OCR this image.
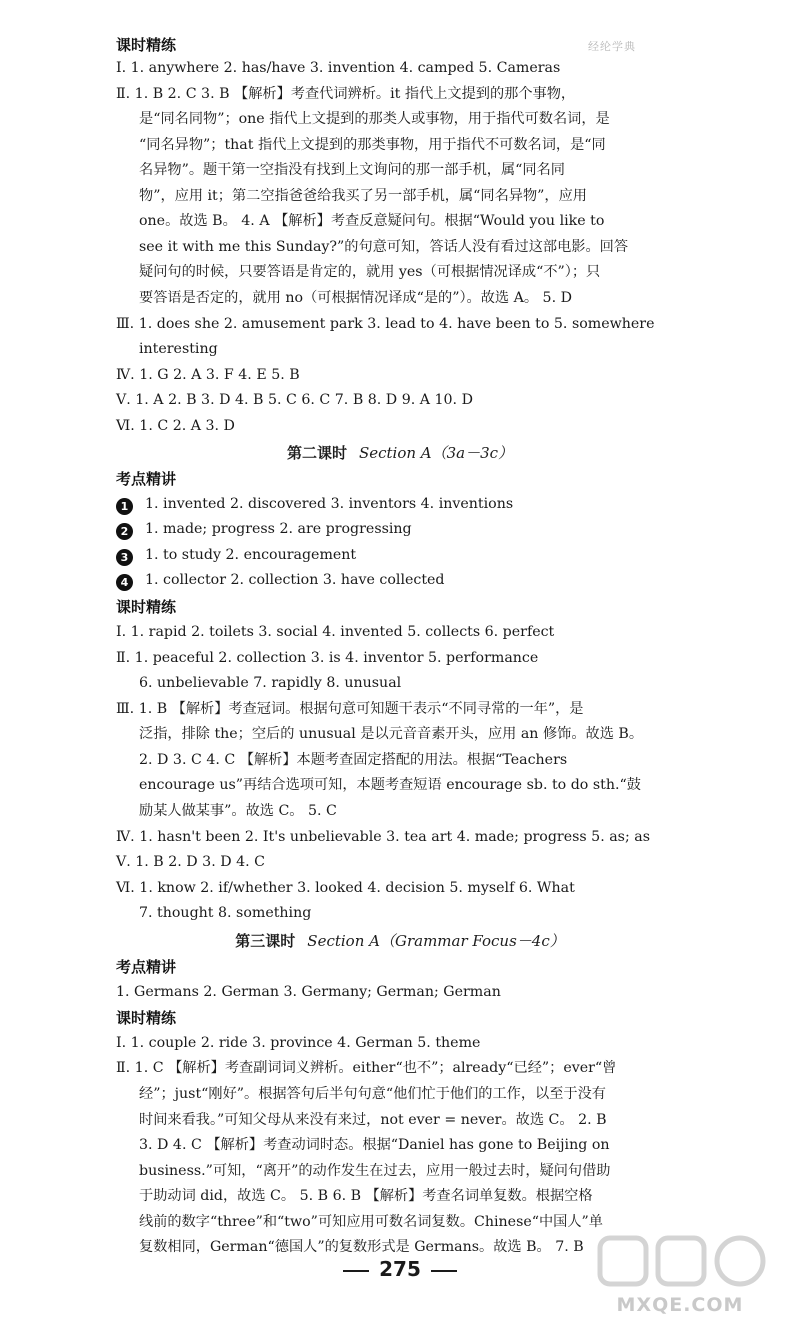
经纶学典
课时精练
Ⅰ. 1. anywhere 2. has/have 3. invention 4. camped 5. Cameras
Ⅱ. 1. B 2. C 3. B 【解析】考查代词辨析。it 指代上文提到的那个事物，
是“同名同物”；one 指代上文提到的那类人或事物，用于指代可数名词，是
“同名异物”；that 指代上文提到的那类事物，用于指代不可数名词，是“同
名异物”。题干第一空指没有找到上文询问的那一部手机，属“同名同
物”，应用 it；第二空指爸爸给我买了另一部手机，属“同名异物”，应用
one。故选 B。 4. A 【解析】考查反意疑问句。根据“Would you like to
see it with me this Sunday?”的句意可知，答话人没有看过这部电影。回答
疑问句的时候，只要答语是肯定的，就用 yes（可根据情况译成“不”）；只
要答语是否定的，就用 no（可根据情况译成“是的”）。故选 A。 5. D
Ⅲ. 1. does she 2. amusement park 3. lead to 4. have been to 5. somewhere
interesting
Ⅳ. 1. G 2. A 3. F 4. E 5. B
Ⅴ. 1. A 2. B 3. D 4. B 5. C 6. C 7. B 8. D 9. A 10. D
Ⅵ. 1. C 2. A 3. D
第二课时 Section A（3a－3c）
考点精讲
1 1. invented 2. discovered 3. inventors 4. inventions
2 1. made; progress 2. are progressing
3 1. to study 2. encouragement
4 1. collector 2. collection 3. have collected
课时精练
Ⅰ. 1. rapid 2. toilets 3. social 4. invented 5. collects 6. perfect
Ⅱ. 1. peaceful 2. collection 3. is 4. inventor 5. performance
6. unbelievable 7. rapidly 8. unusual
Ⅲ. 1. B 【解析】考查冠词。根据句意可知题干表示“不同寻常的一年”，是
泛指，排除 the；空后的 unusual 是以元音音素开头，应用 an 修饰。故选 B。
2. D 3. C 4. C 【解析】本题考查固定搭配的用法。根据“Teachers
encourage us”再结合选项可知，本题考查短语 encourage sb. to do sth.“鼓
励某人做某事”。故选 C。 5. C
Ⅳ. 1. hasn't been 2. It's unbelievable 3. tea art 4. made; progress 5. as; as
Ⅴ. 1. B 2. D 3. D 4. C
Ⅵ. 1. know 2. if/whether 3. looked 4. decision 5. myself 6. What
7. thought 8. something
第三课时 Section A（Grammar Focus－4c）
考点精讲
1. Germans 2. German 3. Germany; German; German
课时精练
Ⅰ. 1. couple 2. ride 3. province 4. German 5. theme
Ⅱ. 1. C 【解析】考查副词词义辨析。either“也不”；already“已经”；ever“曾
经”；just“刚好”。根据答句后半句句意“他们忙于他们的工作，以至于没有
时间来看我。”可知父母从来没有来过，not ever = never。故选 C。 2. B
3. D 4. C 【解析】考查动词时态。根据“Daniel has gone to Beijing on
business.”可知，“离开”的动作发生在过去，应用一般过去时，疑问句借助
于助动词 did，故选 C。 5. B 6. B 【解析】考查名词单复数。根据空格
线前的数字“three”和“two”可知应用可数名词复数。Chinese“中国人”单
复数相同，German“德国人”的复数形式是 Germans。故选 B。 7. B
275
MXQE.COM
